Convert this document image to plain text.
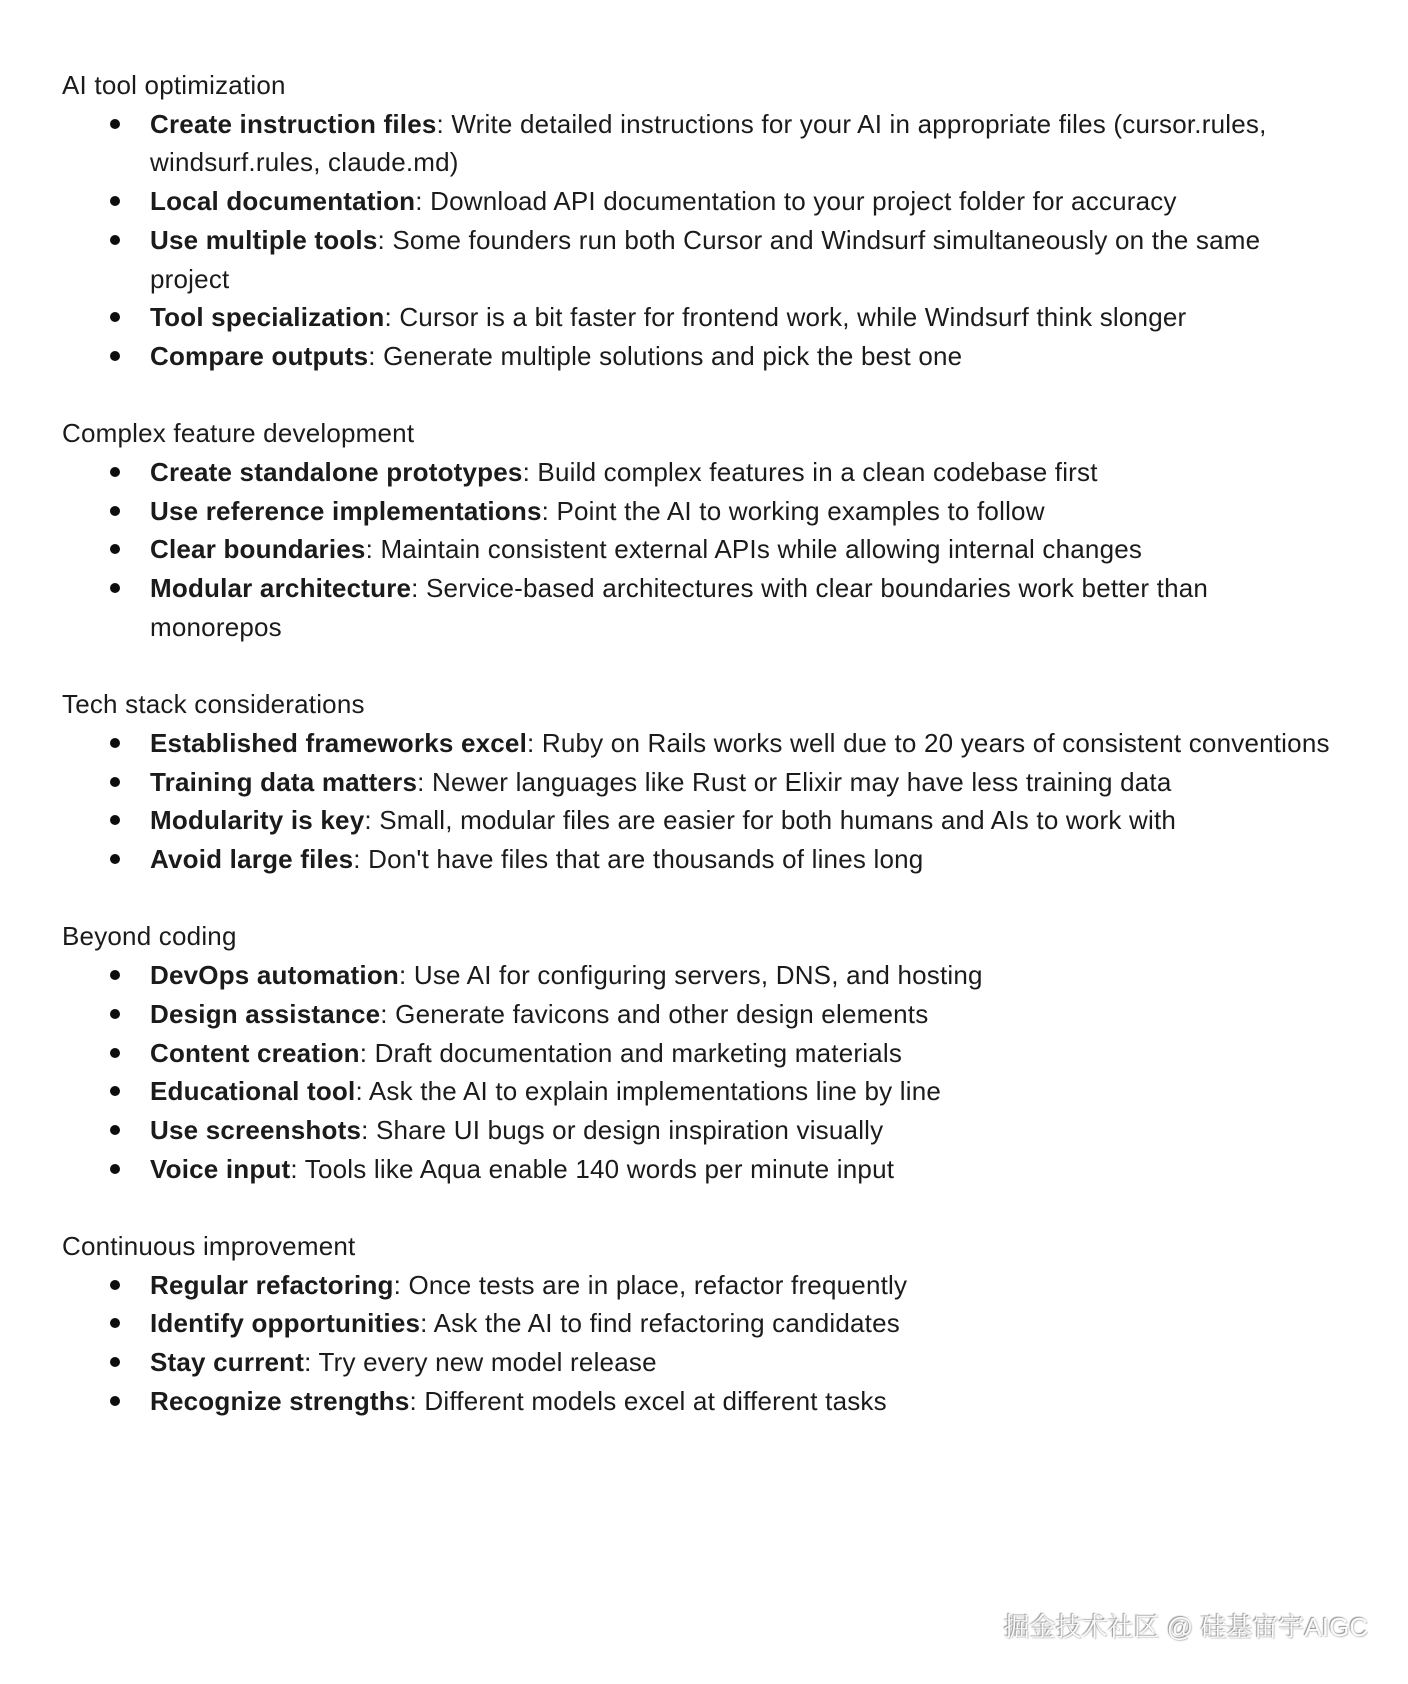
AI tool optimization

Create instruction files: Write detailed instructions for your AI in appropriate files (cursor.rules, windsurf.rules, claude.md)
Local documentation: Download API documentation to your project folder for accuracy
Use multiple tools: Some founders run both Cursor and Windsurf simultaneously on the same project
Tool specialization: Cursor is a bit faster for frontend work, while Windsurf think slonger
Compare outputs: Generate multiple solutions and pick the best one

Complex feature development

Create standalone prototypes: Build complex features in a clean codebase first
Use reference implementations: Point the AI to working examples to follow
Clear boundaries: Maintain consistent external APIs while allowing internal changes
Modular architecture: Service-based architectures with clear boundaries work better than monorepos

Tech stack considerations

Established frameworks excel: Ruby on Rails works well due to 20 years of consistent conventions
Training data matters: Newer languages like Rust or Elixir may have less training data
Modularity is key: Small, modular files are easier for both humans and AIs to work with
Avoid large files: Don't have files that are thousands of lines long

Beyond coding

DevOps automation: Use AI for configuring servers, DNS, and hosting
Design assistance: Generate favicons and other design elements
Content creation: Draft documentation and marketing materials
Educational tool: Ask the AI to explain implementations line by line
Use screenshots: Share UI bugs or design inspiration visually
Voice input: Tools like Aqua enable 140 words per minute input

Continuous improvement

Regular refactoring: Once tests are in place, refactor frequently
Identify opportunities: Ask the AI to find refactoring candidates
Stay current: Try every new model release
Recognize strengths: Different models excel at different tasks
掘金技术社区 @ 硅基宙宇AIGC
